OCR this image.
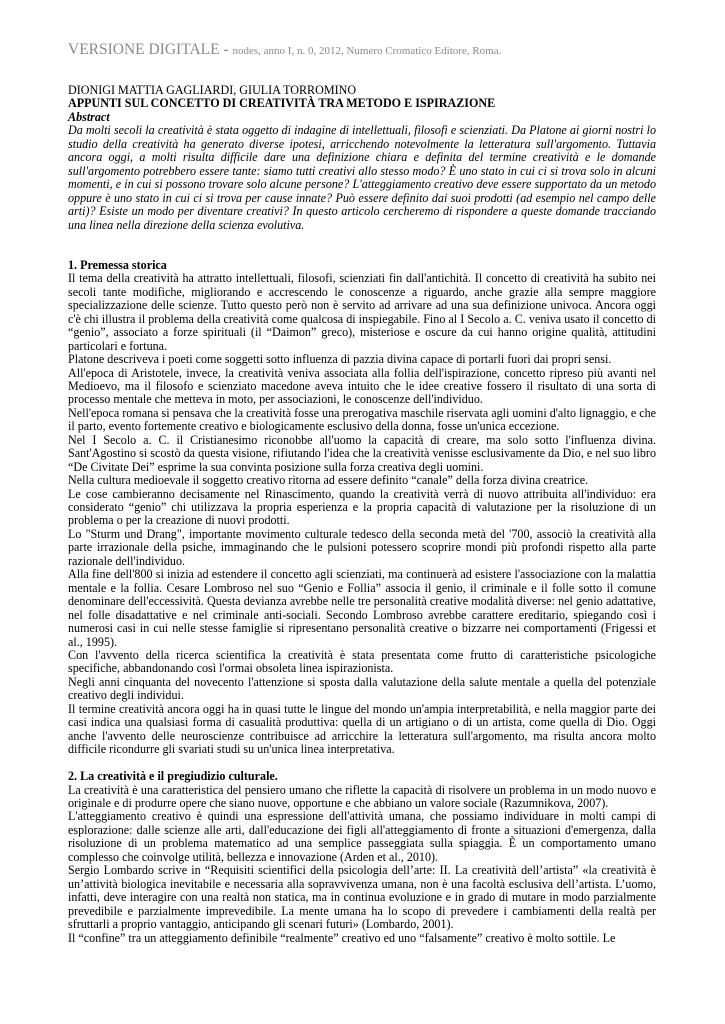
VERSIONE DIGITALE - nodes, anno I, n. 0, 2012, Numero Cromatico Editore, Roma.

DIONIGI MATTIA GAGLIARDI, GIULIA TORROMINO

APPUNTI SUL CONCETTO DI CREATIVITÀ TRA METODO E ISPIRAZIONE

Abstract

Da molti secoli la creatività è stata oggetto di indagine di intellettuali, filosofi e scienziati. Da Platone ai giorni nostri lo studio della creatività ha generato diverse ipotesi, arricchendo notevolmente la letteratura sull'argomento. Tuttavia ancora oggi, a molti risulta difficile dare una definizione chiara e definita del termine creatività e le domande sull'argomento potrebbero essere tante: siamo tutti creativi allo stesso modo? È uno stato in cui ci si trova solo in alcuni momenti, e in cui si possono trovare solo alcune persone? L'atteggiamento creativo deve essere supportato da un metodo oppure è uno stato in cui ci si trova per cause innate? Può essere definito dai suoi prodotti (ad esempio nel campo delle arti)? Esiste un modo per diventare creativi? In questo articolo cercheremo di rispondere a queste domande tracciando una linea nella direzione della scienza evolutiva.

1. Premessa storica

Il tema della creatività ha attratto intellettuali, filosofi, scienziati fin dall'antichità. Il concetto di creatività ha subito nei secoli tante modifiche, migliorando e accrescendo le conoscenze a riguardo, anche grazie alla sempre maggiore specializzazione delle scienze. Tutto questo però non è servito ad arrivare ad una sua definizione univoca. Ancora oggi c'è chi illustra il problema della creatività come qualcosa di inspiegabile. Fino al I Secolo a. C. veniva usato il concetto di “genio”, associato a forze spirituali (il “Daimon” greco), misteriose e oscure da cui hanno origine qualità, attitudini particolari e fortuna.

Platone descriveva i poeti come soggetti sotto influenza di pazzia divina capace di portarli fuori dai propri sensi.

All'epoca di Aristotele, invece, la creatività veniva associata alla follia dell'ispirazione, concetto ripreso più avanti nel Medioevo, ma il filosofo e scienziato macedone aveva intuito che le idee creative fossero il risultato di una sorta di processo mentale che metteva in moto, per associazioni, le conoscenze dell'individuo.

Nell'epoca romana si pensava che la creatività fosse una prerogativa maschile riservata agli uomini d'alto lignaggio, e che il parto, evento fortemente creativo e biologicamente esclusivo della donna, fosse un'unica eccezione.

Nel I Secolo a. C. il Cristianesimo riconobbe all'uomo la capacità di creare, ma solo sotto l'influenza divina. Sant'Agostino si scostò da questa visione, rifiutando l'idea che la creatività venisse esclusivamente da Dio, e nel suo libro “De Civitate Dei” esprime la sua convinta posizione sulla forza creativa degli uomini.

Nella cultura medioevale il soggetto creativo ritorna ad essere definito “canale” della forza divina creatrice.

Le cose cambieranno decisamente nel Rinascimento, quando la creatività verrà di nuovo attribuita all'individuo: era considerato “genio” chi utilizzava la propria esperienza e la propria capacità di valutazione per la risoluzione di un problema o per la creazione di nuovi prodotti.

Lo "Sturm und Drang", importante movimento culturale tedesco della seconda metà del '700, associò la creatività alla parte irrazionale della psiche, immaginando che le pulsioni potessero scoprire mondi più profondi rispetto alla parte razionale dell'individuo.

Alla fine dell'800 si inizia ad estendere il concetto agli scienziati, ma continuerà ad esistere l'associazione con la malattia mentale e la follia. Cesare Lombroso nel suo “Genio e Follia” associa il genio, il criminale e il folle sotto il comune denominare dell'eccessività. Questa devianza avrebbe nelle tre personalità creative modalità diverse: nel genio adattative, nel folle disadattative e nel criminale anti-sociali. Secondo Lombroso avrebbe carattere ereditario, spiegando così i numerosi casi in cui nelle stesse famiglie si ripresentano personalità creative o bizzarre nei comportamenti (Frigessi et al., 1995).

Con l'avvento della ricerca scientifica la creatività è stata presentata come frutto di caratteristiche psicologiche specifiche, abbandonando così l'ormai obsoleta linea ispirazionista.

Negli anni cinquanta del novecento l'attenzione si sposta dalla valutazione della salute mentale a quella del potenziale creativo degli individui.

Il termine creatività ancora oggi ha in quasi tutte le lingue del mondo un'ampia interpretabilità, e nella maggior parte dei casi indica una qualsiasi forma di casualità produttiva: quella di un artigiano o di un artista, come quella di Dio. Oggi anche l'avvento delle neuroscienze contribuisce ad arricchire la letteratura sull'argomento, ma risulta ancora molto difficile ricondurre gli svariati studi su un'unica linea interpretativa.

2. La creatività e il pregiudizio culturale.

La creatività è una caratteristica del pensiero umano che riflette la capacità di risolvere un problema in un modo nuovo e originale e di produrre opere che siano nuove, opportune e che abbiano un valore sociale (Razumnikova, 2007).

L'atteggiamento creativo è quindi una espressione dell'attività umana, che possiamo individuare in molti campi di esplorazione: dalle scienze alle arti, dall'educazione dei figli all'atteggiamento di fronte a situazioni d'emergenza, dalla risoluzione di un problema matematico ad una semplice passeggiata sulla spiaggia. È un comportamento umano complesso che coinvolge utilità, bellezza e innovazione (Arden et al., 2010).

Sergio Lombardo scrive in “Requisiti scientifici della psicologia dell’arte: II. La creatività dell’artista” «la creatività è un’attività biologica inevitabile e necessaria alla sopravvivenza umana, non è una facoltà esclusiva dell’artista. L’uomo, infatti, deve interagire con una realtà non statica, ma in continua evoluzione e in grado di mutare in modo parzialmente prevedibile e parzialmente imprevedibile. La mente umana ha lo scopo di prevedere i cambiamenti della realtà per sfruttarli a proprio vantaggio, anticipando gli scenari futuri» (Lombardo, 2001).

Il “confine” tra un atteggiamento definibile “realmente” creativo ed uno “falsamente” creativo è molto sottile. Le
